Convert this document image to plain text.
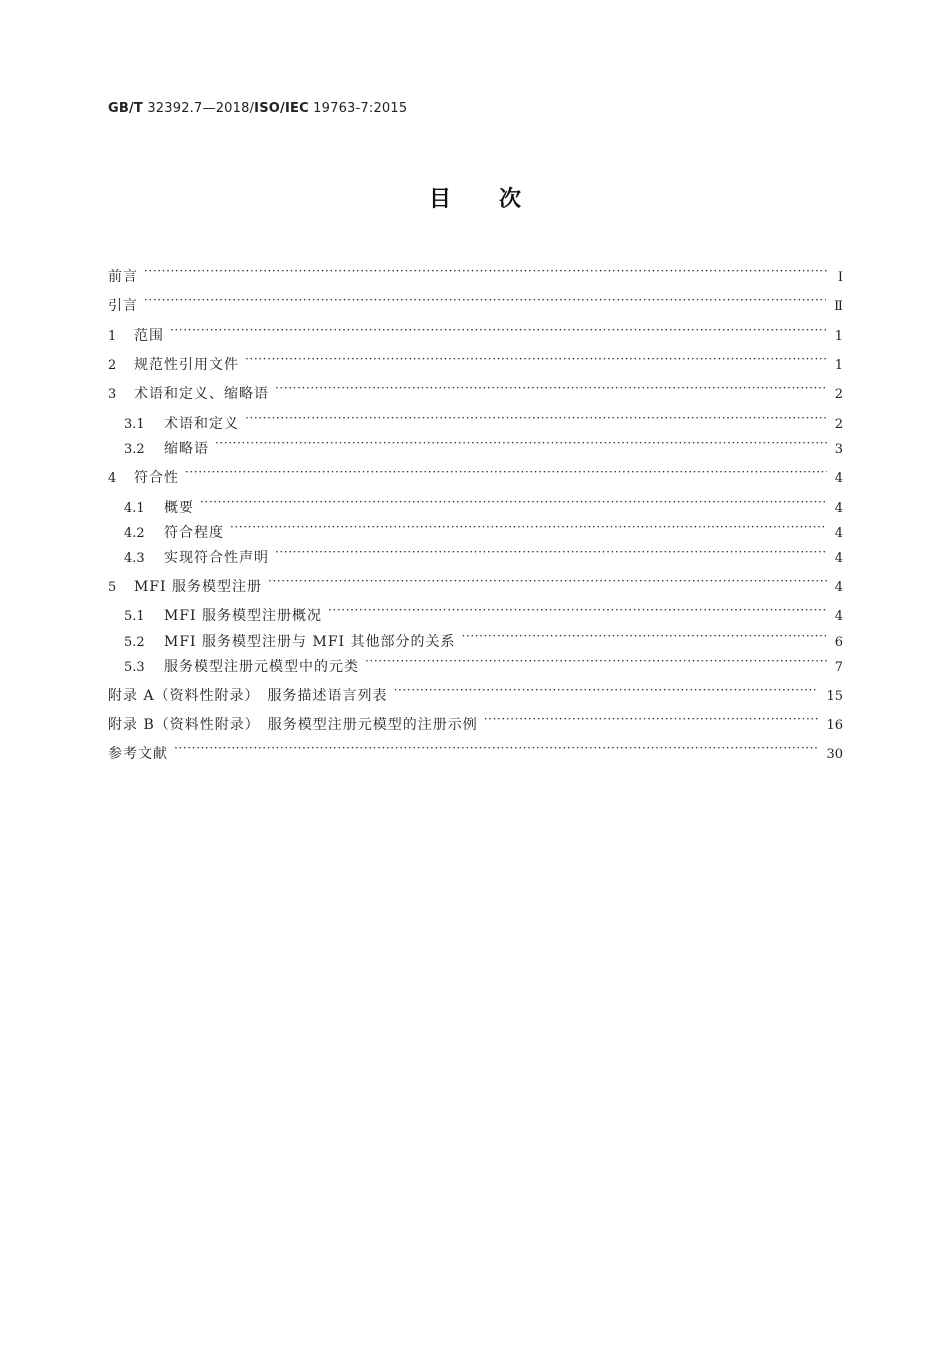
GB/T 32392.7—2018/ISO/IEC 19763-7:2015
目 次
前言 ·····	Ⅰ
引言 ·····	Ⅱ
1	范围 ·····	1
2	规范性引用文件 ·····	1
3	术语和定义、缩略语 ·····	2
3.1	术语和定义 ·····	2
3.2	缩略语 ·····	3
4	符合性 ·····	4
4.1	概要 ·····	4
4.2	符合程度 ·····	4
4.3	实现符合性声明 ·····	4
5	MFI 服务模型注册 ·····	4
5.1	MFI 服务模型注册概况 ·····	4
5.2	MFI 服务模型注册与 MFI 其他部分的关系 ·····	6
5.3	服务模型注册元模型中的元类 ·····	7
附录 A（资料性附录）　服务描述语言列表 ·····	15
附录 B（资料性附录）　服务模型注册元模型的注册示例 ·····	16
参考文献 ·····	30
